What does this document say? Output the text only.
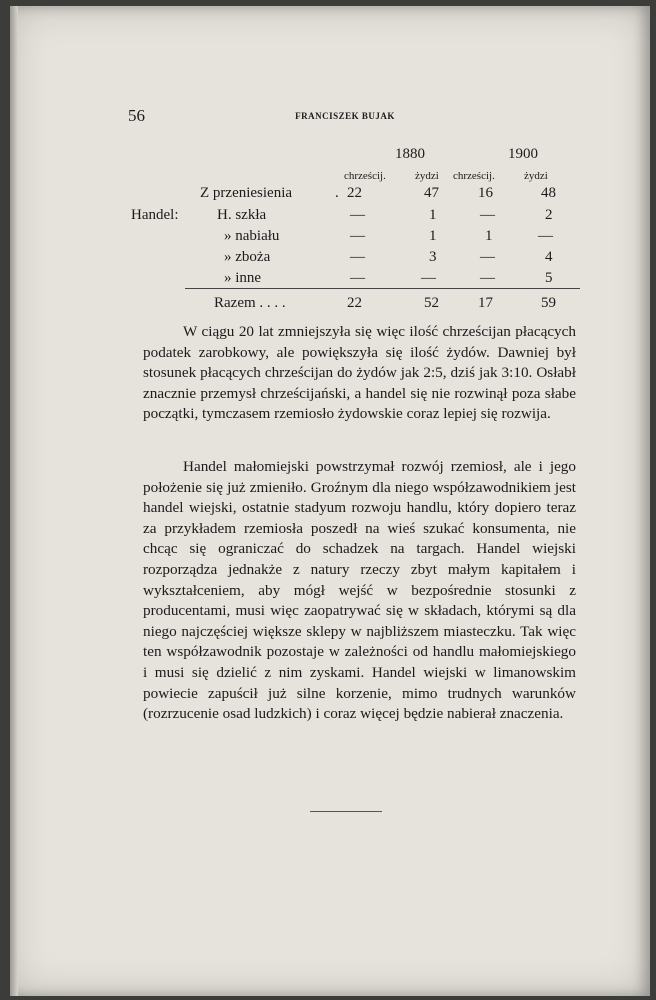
56	FRANCISZEK BUJAK
1880	1900
chrześcij.	żydzi chrześcij.	żydzi
Z przeniesienia	. 22	47	16	48
Handel:	H. szkła	—	1	—	2
» nabiału	—	1	1	—
» zboża	—	3	—	4
» inne	—	—	—	5
Razem . . . .	22	52	17	59

W ciągu 20 lat zmniejszyła się więc ilość chrześcijan płacących podatek zarobkowy, ale powiększyła się ilość żydów. Dawniej był stosunek płacących chrześcijan do żydów jak 2:5, dziś jak 3:10. Osłabł znacznie przemysł chrześcijański, a handel się nie rozwinął poza słabe początki, tymczasem rzemiosło żydowskie coraz lepiej się rozwija.

Handel małomiejski powstrzymał rozwój rzemiosł, ale i jego położenie się już zmieniło. Groźnym dla niego współzawodnikiem jest handel wiejski, ostatnie stadyum rozwoju handlu, który dopiero teraz za przykładem rzemiosła poszedł na wieś szukać konsumenta, nie chcąc się ograniczać do schadzek na targach. Handel wiejski rozporządza jednakże z natury rzeczy zbyt małym kapitałem i wykształceniem, aby mógł wejść w bezpośrednie stosunki z producentami, musi więc zaopatrywać się w składach, którymi są dla niego najczęściej większe sklepy w najbliższem miasteczku. Tak więc ten współzawodnik pozostaje w zależności od handlu małomiejskiego i musi się dzielić z nim zyskami. Handel wiejski w limanowskim powiecie zapuścił już silne korzenie, mimo trudnych warunków (rozrzucenie osad ludzkich) i coraz więcej będzie nabierał znaczenia.
